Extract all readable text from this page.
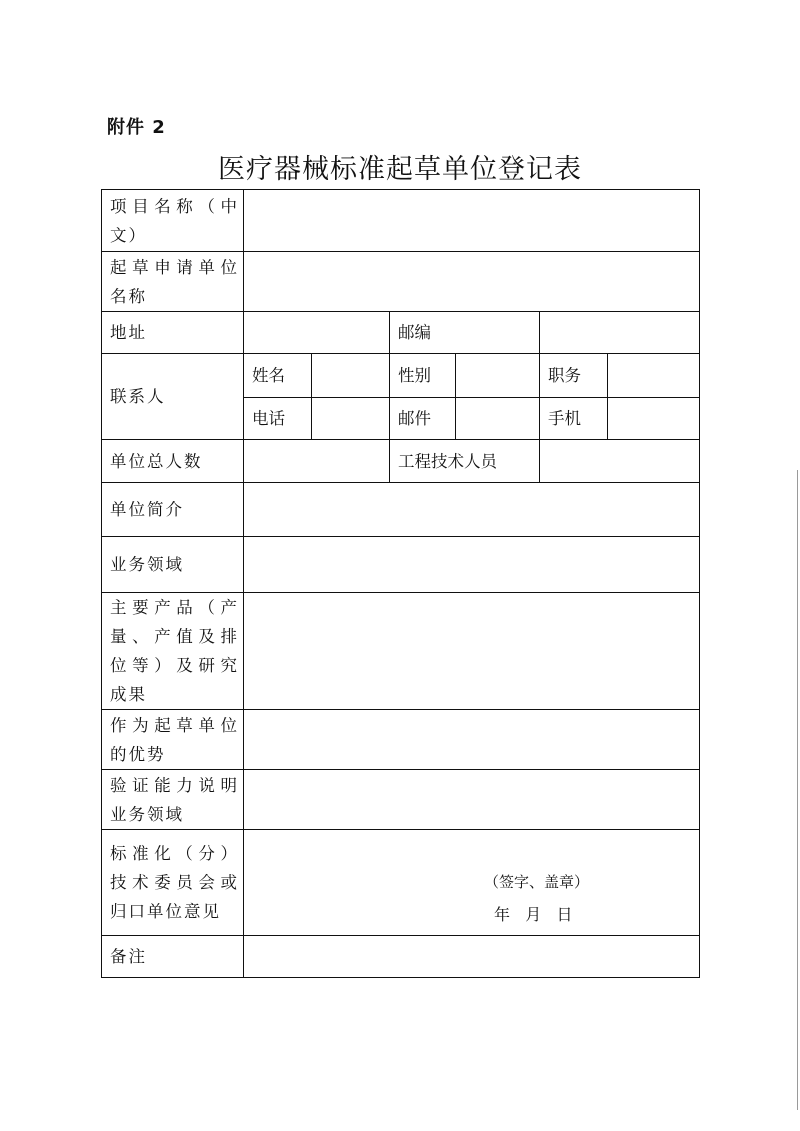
附件 2
医疗器械标准起草单位登记表
项目名称（中文）						
起草申请单位名称						
地址			邮编			
联系人	姓名		性别		职务	
	电话		邮件		手机	
单位总人数			工程技术人员			
单位简介						
业务领域						
主要产品（产量、产值及排位等）及研究成果						
作为起草单位的优势						
验证能力说明业务领域						
标准化（分）技术委员会或归口单位意见	（签字、盖章）
年   月   日					

备注						
